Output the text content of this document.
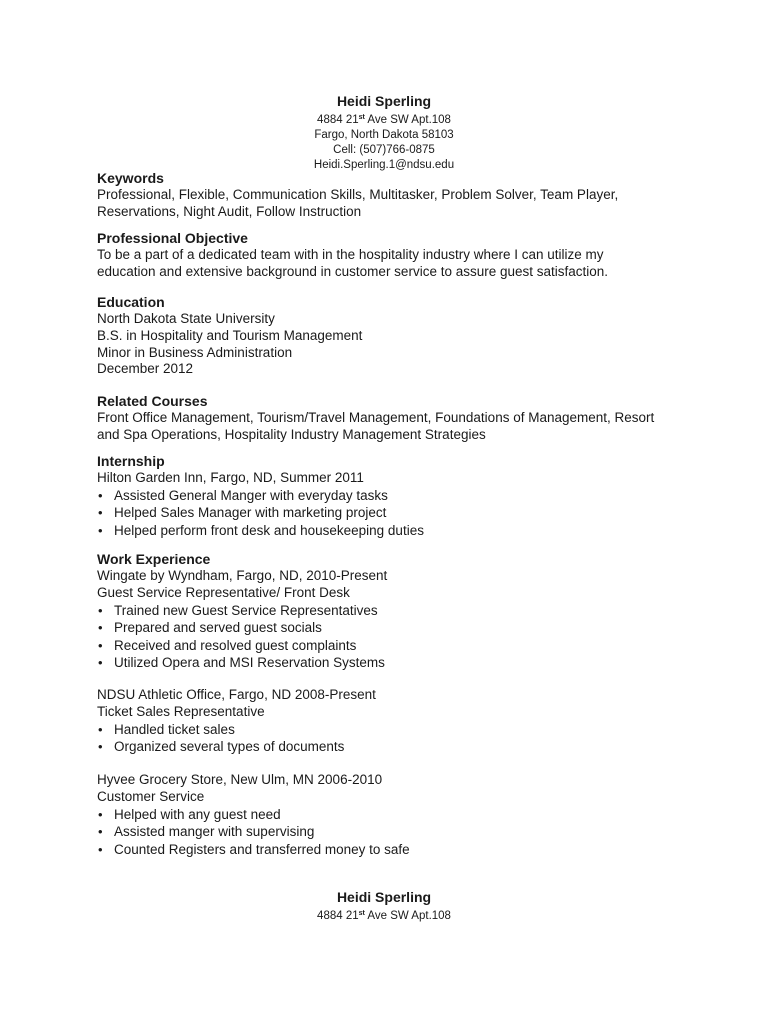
Heidi Sperling
4884 21st Ave SW Apt.108
Fargo, North Dakota 58103
Cell: (507)766-0875
Heidi.Sperling.1@ndsu.edu

Keywords

Professional, Flexible, Communication Skills, Multitasker, Problem Solver, Team Player,

Reservations, Night Audit, Follow Instruction

Professional Objective

To be a part of a dedicated team with in the hospitality industry where I can utilize my

education and extensive background in customer service to assure guest satisfaction.

Education

North Dakota State University

B.S. in Hospitality and Tourism Management

Minor in Business Administration

December 2012

Related Courses

Front Office Management, Tourism/Travel Management, Foundations of Management, Resort

and Spa Operations, Hospitality Industry Management Strategies

Internship

Hilton Garden Inn, Fargo, ND, Summer 2011

• Assisted General Manger with everyday tasks
• Helped Sales Manager with marketing project
• Helped perform front desk and housekeeping duties

Work Experience

Wingate by Wyndham, Fargo, ND, 2010-Present

Guest Service Representative/ Front Desk

• Trained new Guest Service Representatives
• Prepared and served guest socials
• Received and resolved guest complaints
• Utilized Opera and MSI Reservation Systems

NDSU Athletic Office, Fargo, ND 2008-Present

Ticket Sales Representative

• Handled ticket sales
• Organized several types of documents

Hyvee Grocery Store, New Ulm, MN 2006-2010

Customer Service

• Helped with any guest need
• Assisted manger with supervising
• Counted Registers and transferred money to safe
Heidi Sperling
4884 21st Ave SW Apt.108
